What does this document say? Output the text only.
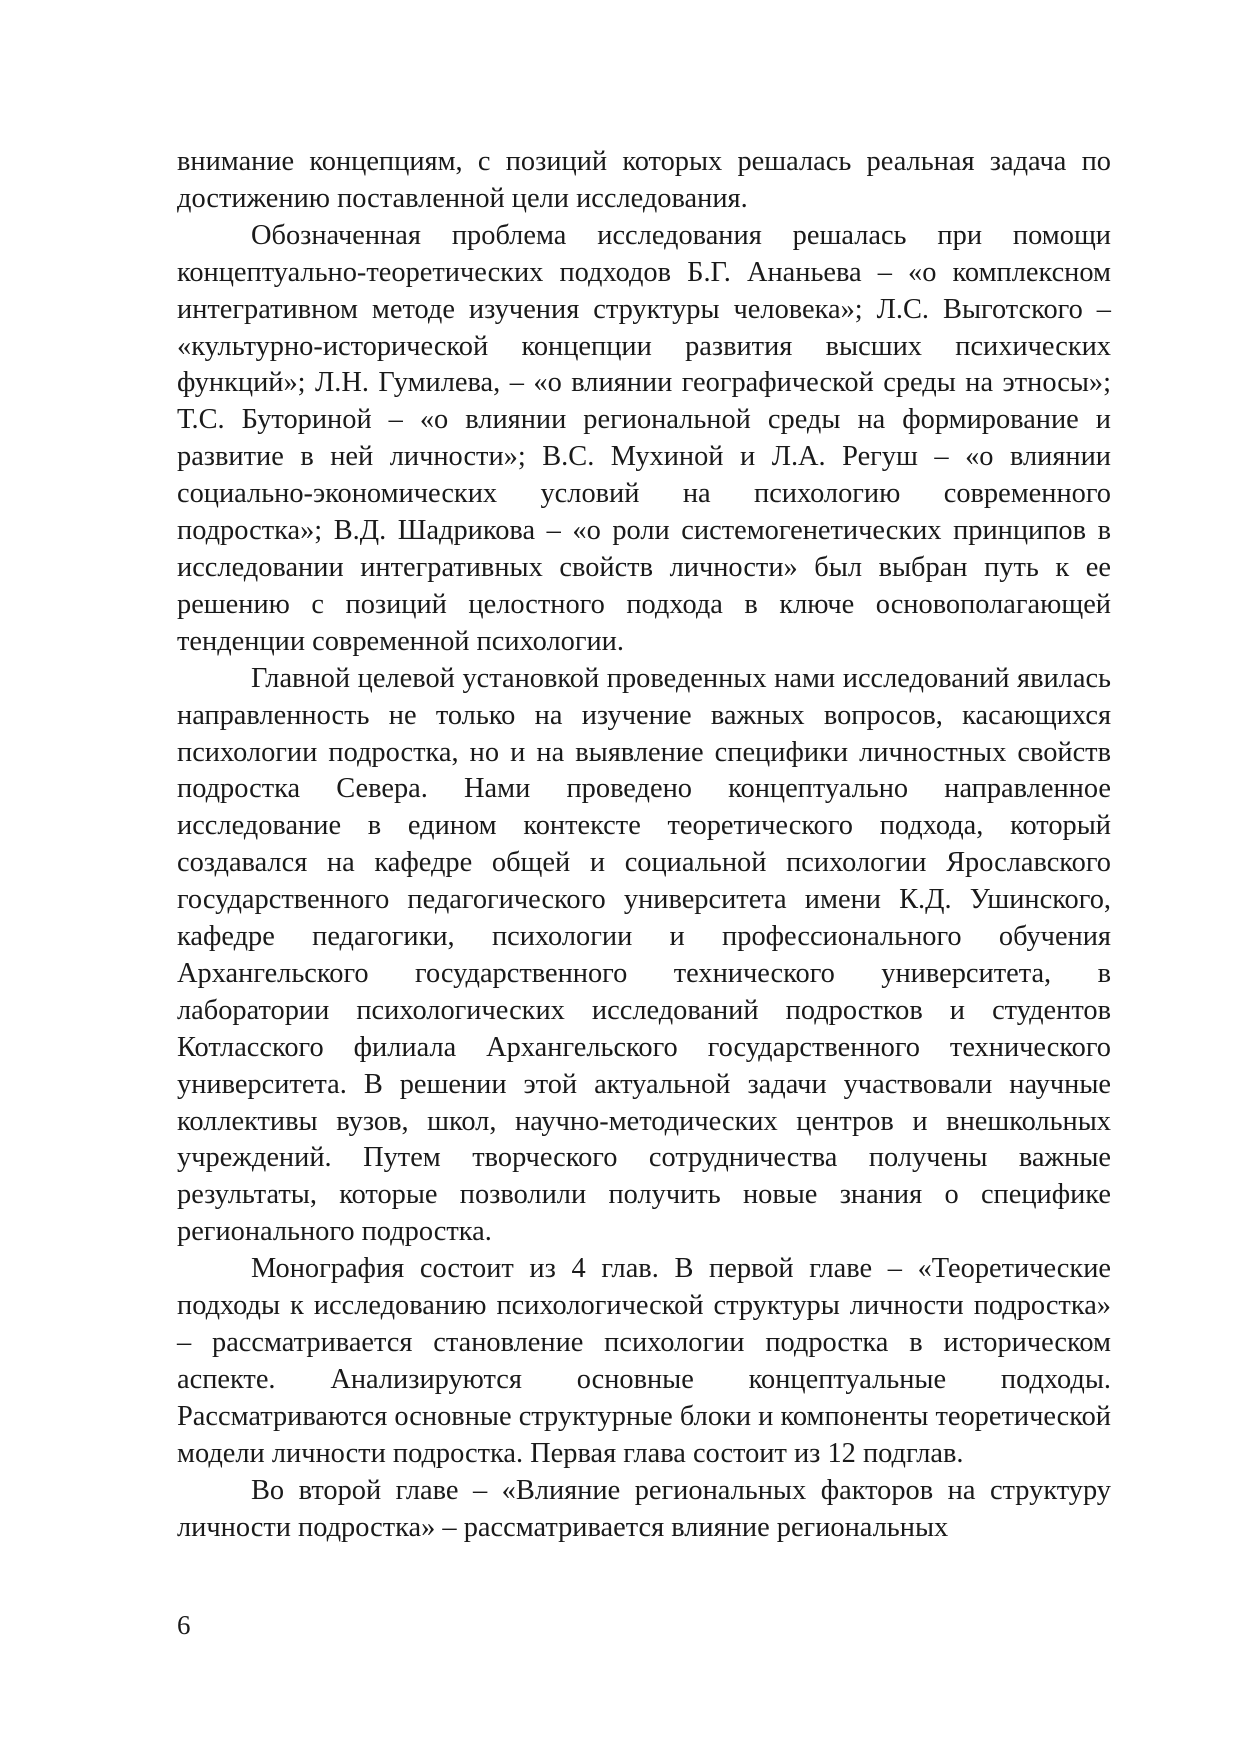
внимание концепциям, с позиций которых решалась реальная задача по достижению поставленной цели исследования.

Обозначенная проблема исследования решалась при помощи концептуально-теоретических подходов Б.Г. Ананьева – «о комплексном интегративном методе изучения структуры человека»; Л.С. Выготского – «культурно-исторической концепции развития высших психических функций»; Л.Н. Гумилева, – «о влиянии географической среды на этносы»; Т.С. Буториной – «о влиянии региональной среды на формирование и развитие в ней личности»; В.С. Мухиной и Л.А. Регуш – «о влиянии социально-экономических условий на психологию современного подростка»; В.Д. Шадрикова – «о роли системогенетических принципов в исследовании интегративных свойств личности» был выбран путь к ее решению с позиций целостного подхода в ключе основополагающей тенденции современной психологии.

Главной целевой установкой проведенных нами исследований явилась направленность не только на изучение важных вопросов, касающихся психологии подростка, но и на выявление специфики личностных свойств подростка Севера. Нами проведено концептуально направленное исследование в едином контексте теоретического подхода, который создавался на кафедре общей и социальной психологии Ярославского государственного педагогического университета имени К.Д. Ушинского, кафедре педагогики, психологии и профессионального обучения Архангельского государственного технического университета, в лаборатории психологических исследований подростков и студентов Котласского филиала Архангельского государственного технического университета. В решении этой актуальной задачи участвовали научные коллективы вузов, школ, научно-методических центров и внешкольных учреждений. Путем творческого сотрудничества получены важные результаты, которые позволили получить новые знания о специфике регионального подростка.

Монография состоит из 4 глав. В первой главе – «Теоретические подходы к исследованию психологической структуры личности подростка» – рассматривается становление психологии подростка в историческом аспекте. Анализируются основные концептуальные подходы. Рассматриваются основные структурные блоки и компоненты теоретической модели личности подростка. Первая глава состоит из 12 подглав.

Во второй главе – «Влияние региональных факторов на структуру личности подростка» – рассматривается влияние региональных

6
